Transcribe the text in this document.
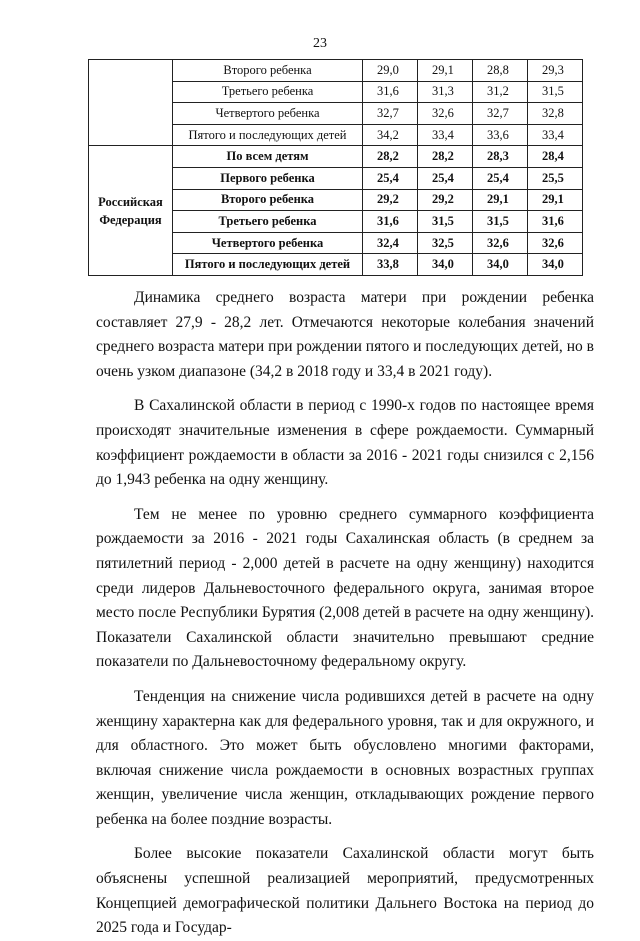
23
	Второго ребенка	29,0	29,1	28,8	29,3
	Третьего ребенка	31,6	31,3	31,2	31,5
	Четвертого ребенка	32,7	32,6	32,7	32,8
	Пятого и последующих детей	34,2	33,4	33,6	33,4
Российская Федерация	По всем детям	28,2	28,2	28,3	28,4
	Первого ребенка	25,4	25,4	25,4	25,5
	Второго ребенка	29,2	29,2	29,1	29,1
	Третьего ребенка	31,6	31,5	31,5	31,6
	Четвертого ребенка	32,4	32,5	32,6	32,6
	Пятого и последующих детей	33,8	34,0	34,0	34,0

Динамика среднего возраста матери при рождении ребенка составляет 27,9 - 28,2 лет. Отмечаются некоторые колебания значений среднего возраста матери при рождении пятого и последующих детей, но в очень узком диапазоне (34,2 в 2018 году и 33,4 в 2021 году).

В Сахалинской области в период с 1990-х годов по настоящее время происходят значительные изменения в сфере рождаемости. Суммарный коэффициент рождаемости в области за 2016 - 2021 годы снизился с 2,156 до 1,943 ребенка на одну женщину.

Тем не менее по уровню среднего суммарного коэффициента рождаемости за 2016 - 2021 годы Сахалинская область (в среднем за пятилетний период - 2,000 детей в расчете на одну женщину) находится среди лидеров Дальневосточного федерального округа, занимая второе место после Республики Бурятия (2,008 детей в расчете на одну женщину). Показатели Сахалинской области значительно превышают средние показатели по Дальневосточному федеральному округу.

Тенденция на снижение числа родившихся детей в расчете на одну женщину характерна как для федерального уровня, так и для окружного, и для областного. Это может быть обусловлено многими факторами, включая снижение числа рождаемости в основных возрастных группах женщин, увеличение числа женщин, откладывающих рождение первого ребенка на более поздние возрасты.

Более высокие показатели Сахалинской области могут быть объяснены успешной реализацией мероприятий, предусмотренных Концепцией демографической политики Дальнего Востока на период до 2025 года и Государ-
